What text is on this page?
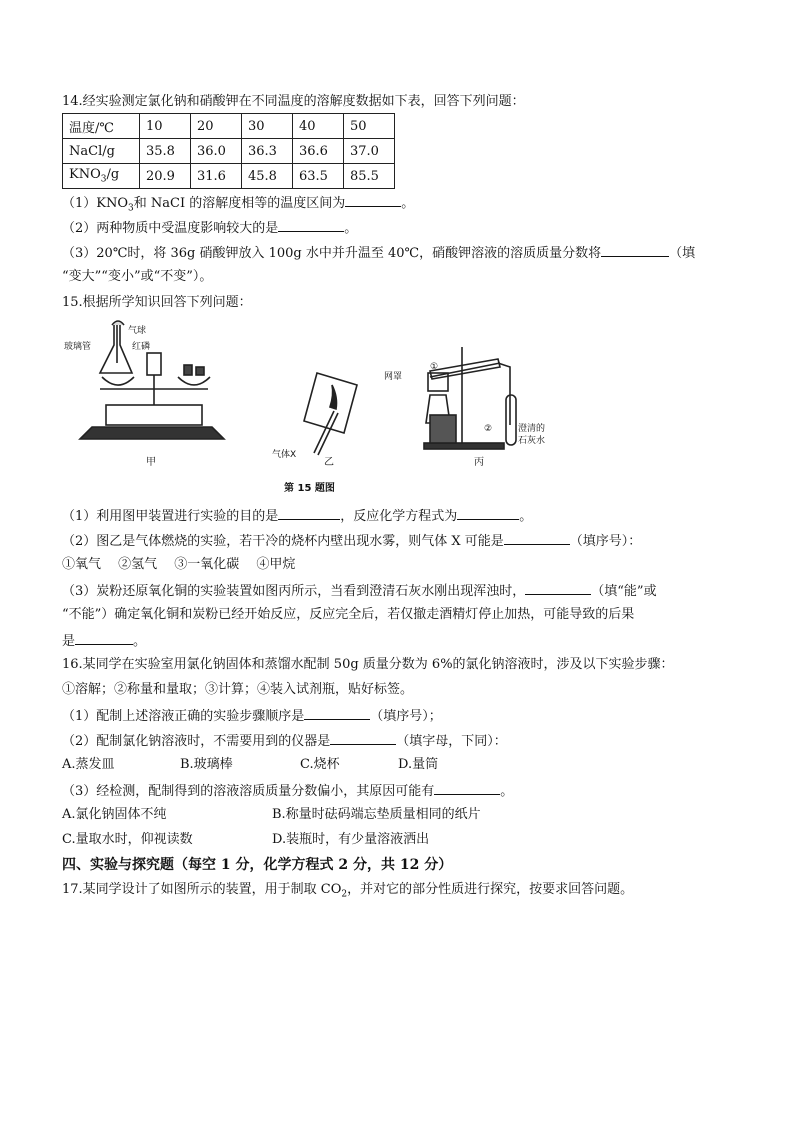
14.经实验测定氯化钠和硝酸钾在不同温度的溶解度数据如下表，回答下列问题：
温度/℃	10	20	30	40	50
NaCl/g	35.8	36.0	36.3	36.6	37.0
$KNO_3/g$	20.9	31.6	45.8	63.5	85.5
$(1)KNO_3$和 NaCI 的溶解度相等的温度区间为	。
（2）两种物质中受温度影响较大的是	。
（3）20℃时，将 36g 硝酸钾放入 100g 水中并升温至 40℃，硝酸钾溶液的溶质质量分数将	（填
“变大”“变小”或“不变”）。
15.根据所学知识回答下列问题：
气球
玻璃管	红磷
甲
气体X
乙
网罩
①
②	澄清的
石灰水
丙
第 15 题图
（1）利用图甲装置进行实验的目的是	，反应化学方程式为	。
（2）图乙是气体燃烧的实验，若干冷的烧杯内壁出现水雾，则气体 X 可能是	（填序号）：
①氧气　 ②氢气　 ③一氧化碳　 ④甲烷
（3）炭粉还原氧化铜的实验装置如图丙所示，当看到澄清石灰水刚出现浑浊时，	（填“能”或
“不能”）确定氧化铜和炭粉已经开始反应，反应完全后，若仅撤走酒精灯停止加热，可能导致的后果
是	。
16.某同学在实验室用氯化钠固体和蒸馏水配制 50g 质量分数为 6%的氯化钠溶液时，涉及以下实验步骤：
①溶解；②称量和量取；③计算；④装入试剂瓶，贴好标签。
（1）配制上述溶液正确的实验步骤顺序是	（填序号）；
（2）配制氯化钠溶液时，不需要用到的仪器是	（填字母，下同）：
A.蒸发皿	B.玻璃棒	C.烧杯	D.量筒
（3）经检测，配制得到的溶液溶质质量分数偏小，其原因可能有	。
A.氯化钠固体不纯	B.称量时砝码端忘垫质量相同的纸片
C.量取水时，仰视读数	D.装瓶时，有少量溶液洒出
四、实验与探究题（每空 1 分，化学方程式 2 分，共 12 分）
17.某同学设计了如图所示的装置，用于制取 $CO_2$，并对它的部分性质进行探究，按要求回答问题。
